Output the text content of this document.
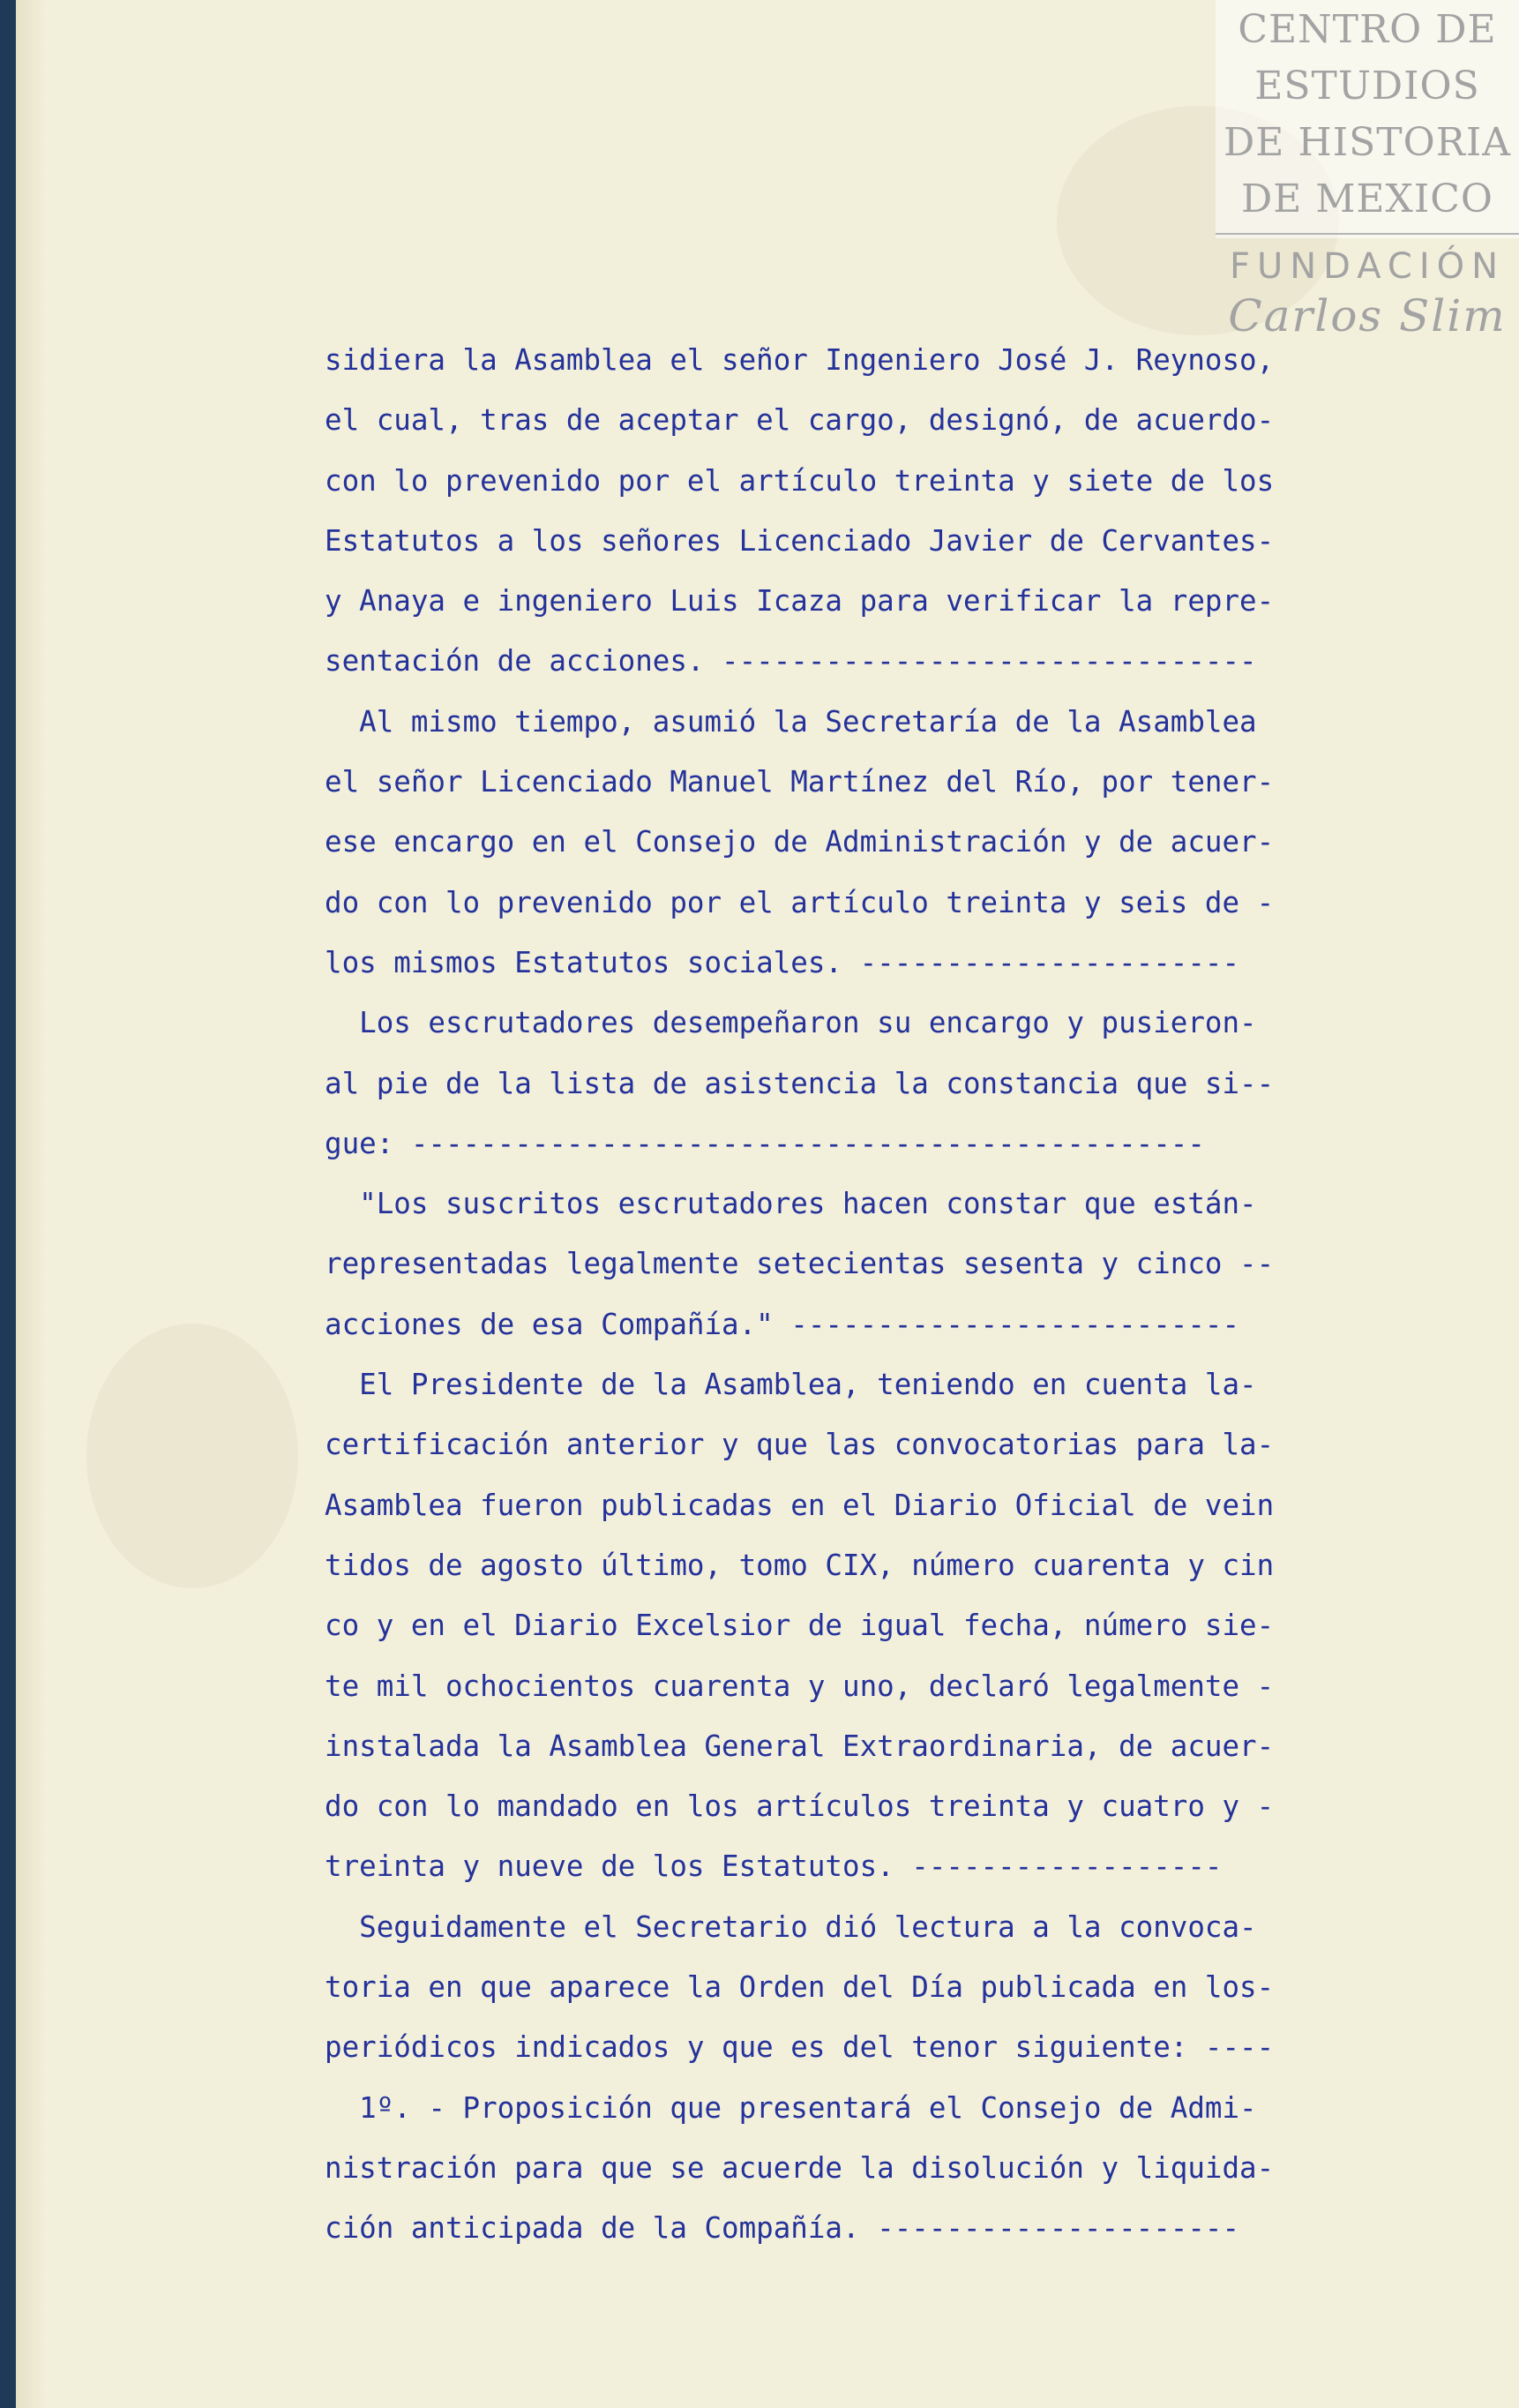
CENTRO DE
ESTUDIOS
DE HISTORIA
DE MEXICO
FUNDACIÓN
Carlos Slim
sidiera la Asamblea el señor Ingeniero José J. Reynoso,
el cual, tras de aceptar el cargo, designó, de acuerdo-
con lo prevenido por el artículo treinta y siete de los
Estatutos a los señores Licenciado Javier de Cervantes-
y Anaya e ingeniero Luis Icaza para verificar la repre-
sentación de acciones. -------------------------------
Al mismo tiempo, asumió la Secretaría de la Asamblea
el señor Licenciado Manuel Martínez del Río, por tener-
ese encargo en el Consejo de Administración y de acuer-
do con lo prevenido por el artículo treinta y seis de -
los mismos Estatutos sociales. ----------------------
Los escrutadores desempeñaron su encargo y pusieron-
al pie de la lista de asistencia la constancia que si--
gue: ----------------------------------------------
"Los suscritos escrutadores hacen constar que están-
representadas legalmente setecientas sesenta y cinco --
acciones de esa Compañía." --------------------------
El Presidente de la Asamblea, teniendo en cuenta la-
certificación anterior y que las convocatorias para la-
Asamblea fueron publicadas en el Diario Oficial de vein
tidos de agosto último, tomo CIX, número cuarenta y cin
co y en el Diario Excelsior de igual fecha, número sie-
te mil ochocientos cuarenta y uno, declaró legalmente -
instalada la Asamblea General Extraordinaria, de acuer-
do con lo mandado en los artículos treinta y cuatro y -
treinta y nueve de los Estatutos. ------------------
Seguidamente el Secretario dió lectura a la convoca-
toria en que aparece la Orden del Día publicada en los-
periódicos indicados y que es del tenor siguiente: ----
1º. - Proposición que presentará el Consejo de Admi-
nistración para que se acuerde la disolución y liquida-
ción anticipada de la Compañía. ---------------------
